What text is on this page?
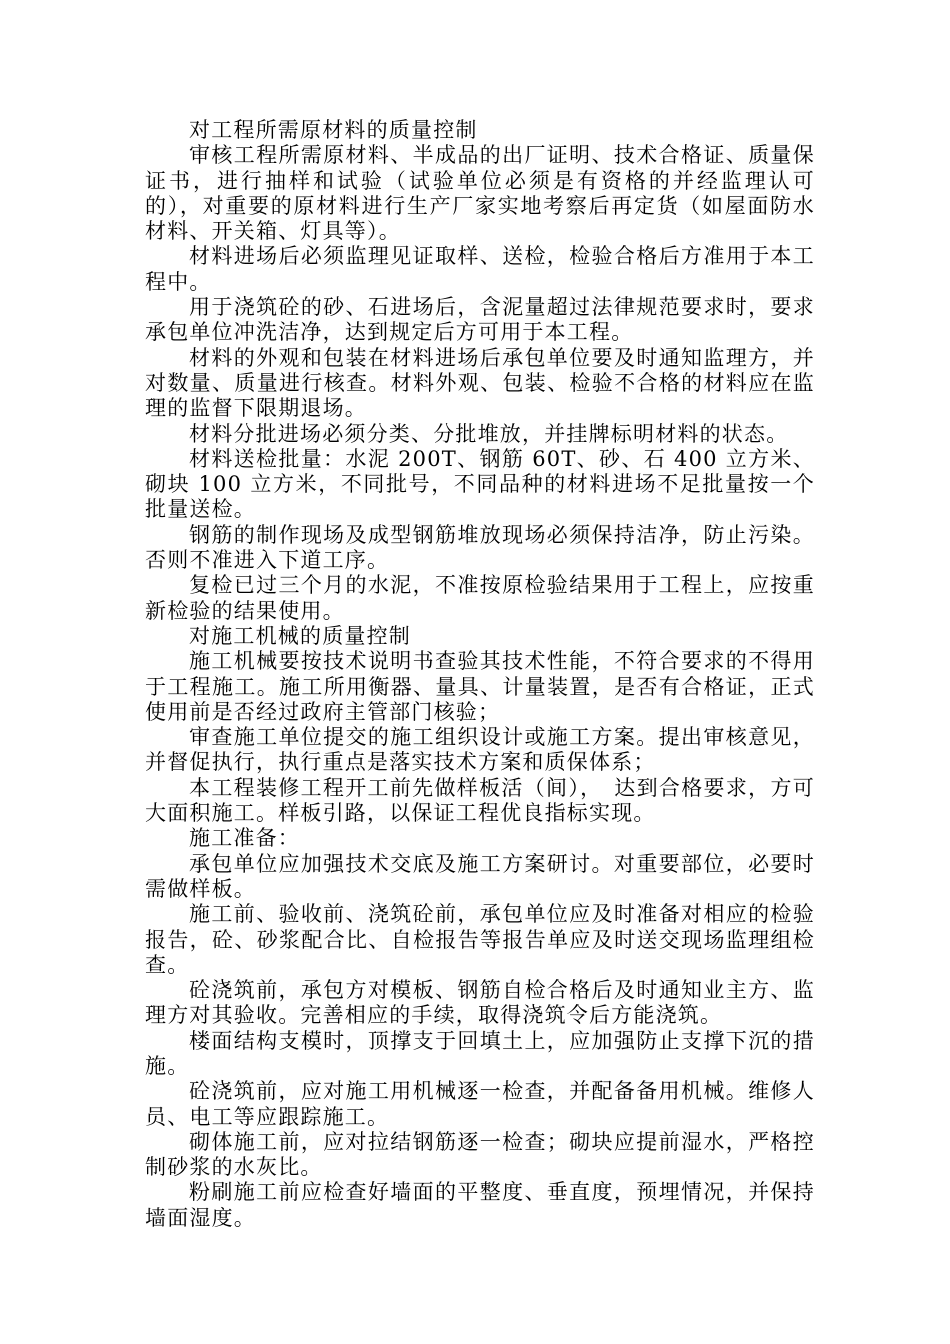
对工程所需原材料的质量控制

审核工程所需原材料、半成品的出厂证明、技术合格证、质量保证书，进行抽样和试验（试验单位必须是有资格的并经监理认可的），对重要的原材料进行生产厂家实地考察后再定货（如屋面防水材料、开关箱、灯具等）。

材料进场后必须监理见证取样、送检，检验合格后方准用于本工程中。

用于浇筑砼的砂、石进场后，含泥量超过法律规范要求时，要求承包单位冲洗洁净，达到规定后方可用于本工程。

材料的外观和包装在材料进场后承包单位要及时通知监理方，并对数量、质量进行核查。材料外观、包装、检验不合格的材料应在监理的监督下限期退场。

材料分批进场必须分类、分批堆放，并挂牌标明材料的状态。

材料送检批量：水泥 200T、钢筋 60T、砂、石 400 立方米、砌块 100 立方米，不同批号，不同品种的材料进场不足批量按一个批量送检。

钢筋的制作现场及成型钢筋堆放现场必须保持洁净，防止污染。否则不准进入下道工序。

复检已过三个月的水泥，不准按原检验结果用于工程上，应按重新检验的结果使用。

对施工机械的质量控制

施工机械要按技术说明书查验其技术性能，不符合要求的不得用于工程施工。施工所用衡器、量具、计量装置，是否有合格证，正式使用前是否经过政府主管部门核验；

审查施工单位提交的施工组织设计或施工方案。提出审核意见，并督促执行，执行重点是落实技术方案和质保体系；

本工程装修工程开工前先做样板活（间），　达到合格要求，方可大面积施工。样板引路，以保证工程优良指标实现。

施工准备：

承包单位应加强技术交底及施工方案研讨。对重要部位，必要时需做样板。

施工前、验收前、浇筑砼前，承包单位应及时准备对相应的检验报告，砼、砂浆配合比、自检报告等报告单应及时送交现场监理组检查。

砼浇筑前，承包方对模板、钢筋自检合格后及时通知业主方、监理方对其验收。完善相应的手续，取得浇筑令后方能浇筑。

楼面结构支模时，顶撑支于回填土上，应加强防止支撑下沉的措施。

砼浇筑前，应对施工用机械逐一检查，并配备备用机械。维修人员、电工等应跟踪施工。

砌体施工前，应对拉结钢筋逐一检查；砌块应提前湿水，严格控制砂浆的水灰比。

粉刷施工前应检查好墙面的平整度、垂直度，预埋情况，并保持墙面湿度。
